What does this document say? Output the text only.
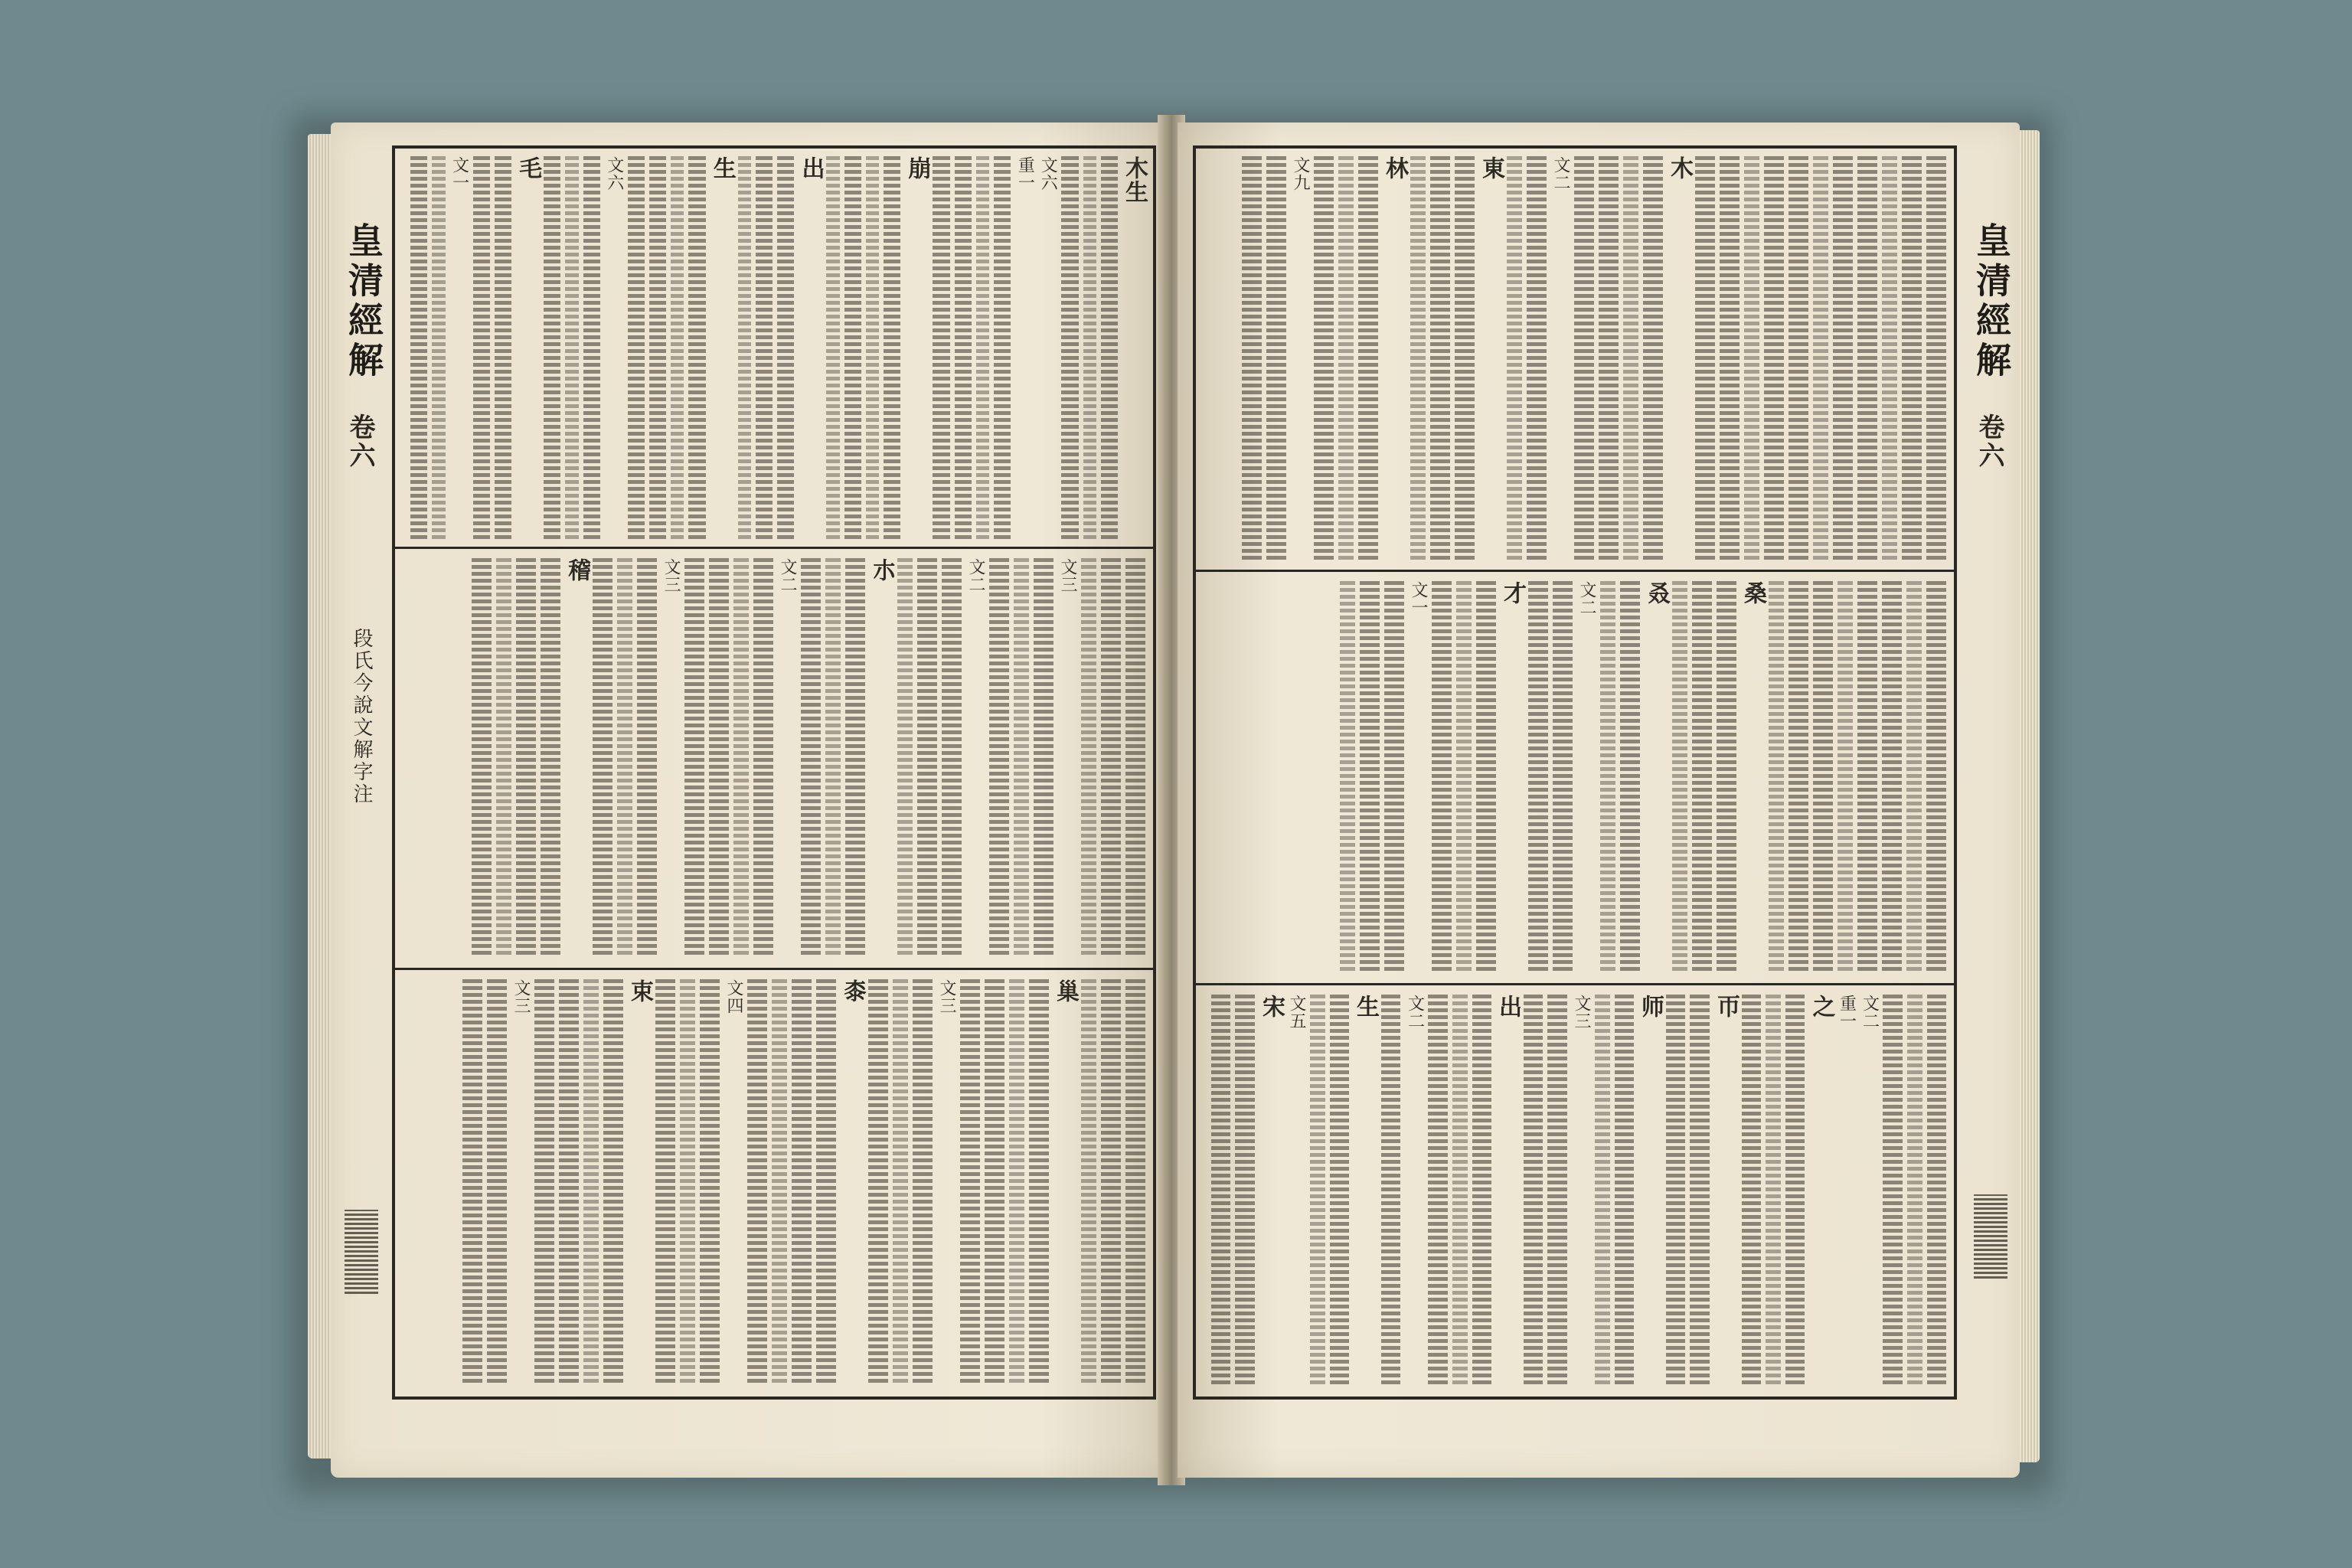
木生
文六
重一
崩
出
生
文六
毛
文一
文三
文二
朩
文二
文三
稽
巢
文三
桼
文四
束
文三
皇清經解
卷六
段氏今說文解字注
木
文二
東
林
文九
桑
叒
文二
才
文一
文二
重一
之
帀
师
文三
出
文二
生
文五
宋
皇清經解
卷六
